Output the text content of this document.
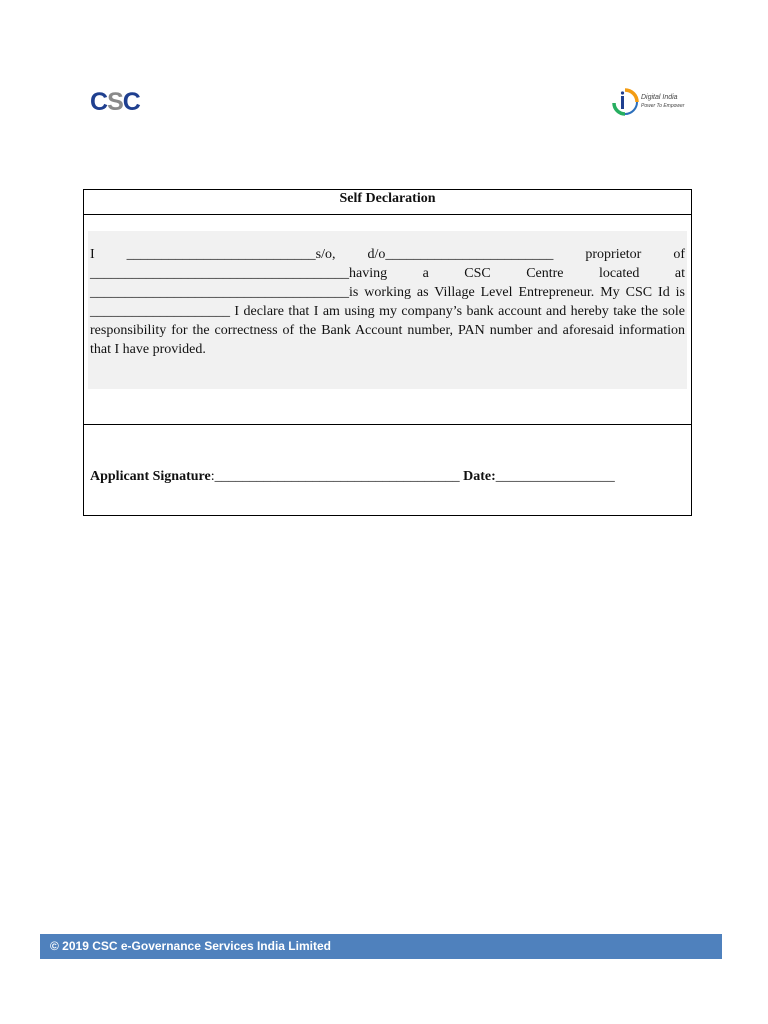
CSC	Digital India
Power To Empower
Self Declaration
I ___________________________s/o, d/o________________________ proprietor of _____________________________________having a CSC Centre located at _____________________________________is working as Village Level Entrepreneur. My CSC Id is ____________________ I declare that I am using my company’s bank account and hereby take the sole responsibility for the correctness of the Bank Account number, PAN number and aforesaid information that I have provided.
Applicant Signature:___________________________________ Date:_________________
© 2019 CSC e-Governance Services India Limited
